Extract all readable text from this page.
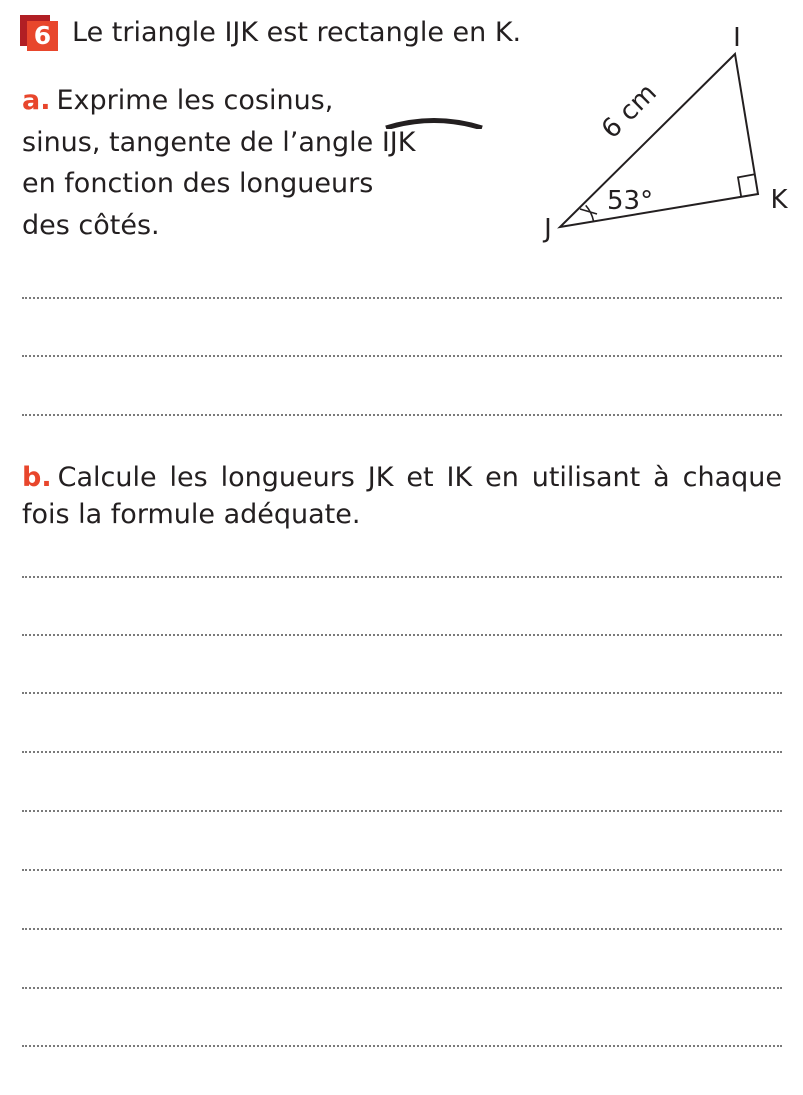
6 Le triangle IJK est rectangle en K.
a. Exprime les cosinus,
sinus, tangente de l’angle
IJK
en fonction des longueurs
des côtés.
I
J
K
6 cm
53°
b. Calcule les longueurs JK et IK en utilisant à chaque fois la formule adéquate.
